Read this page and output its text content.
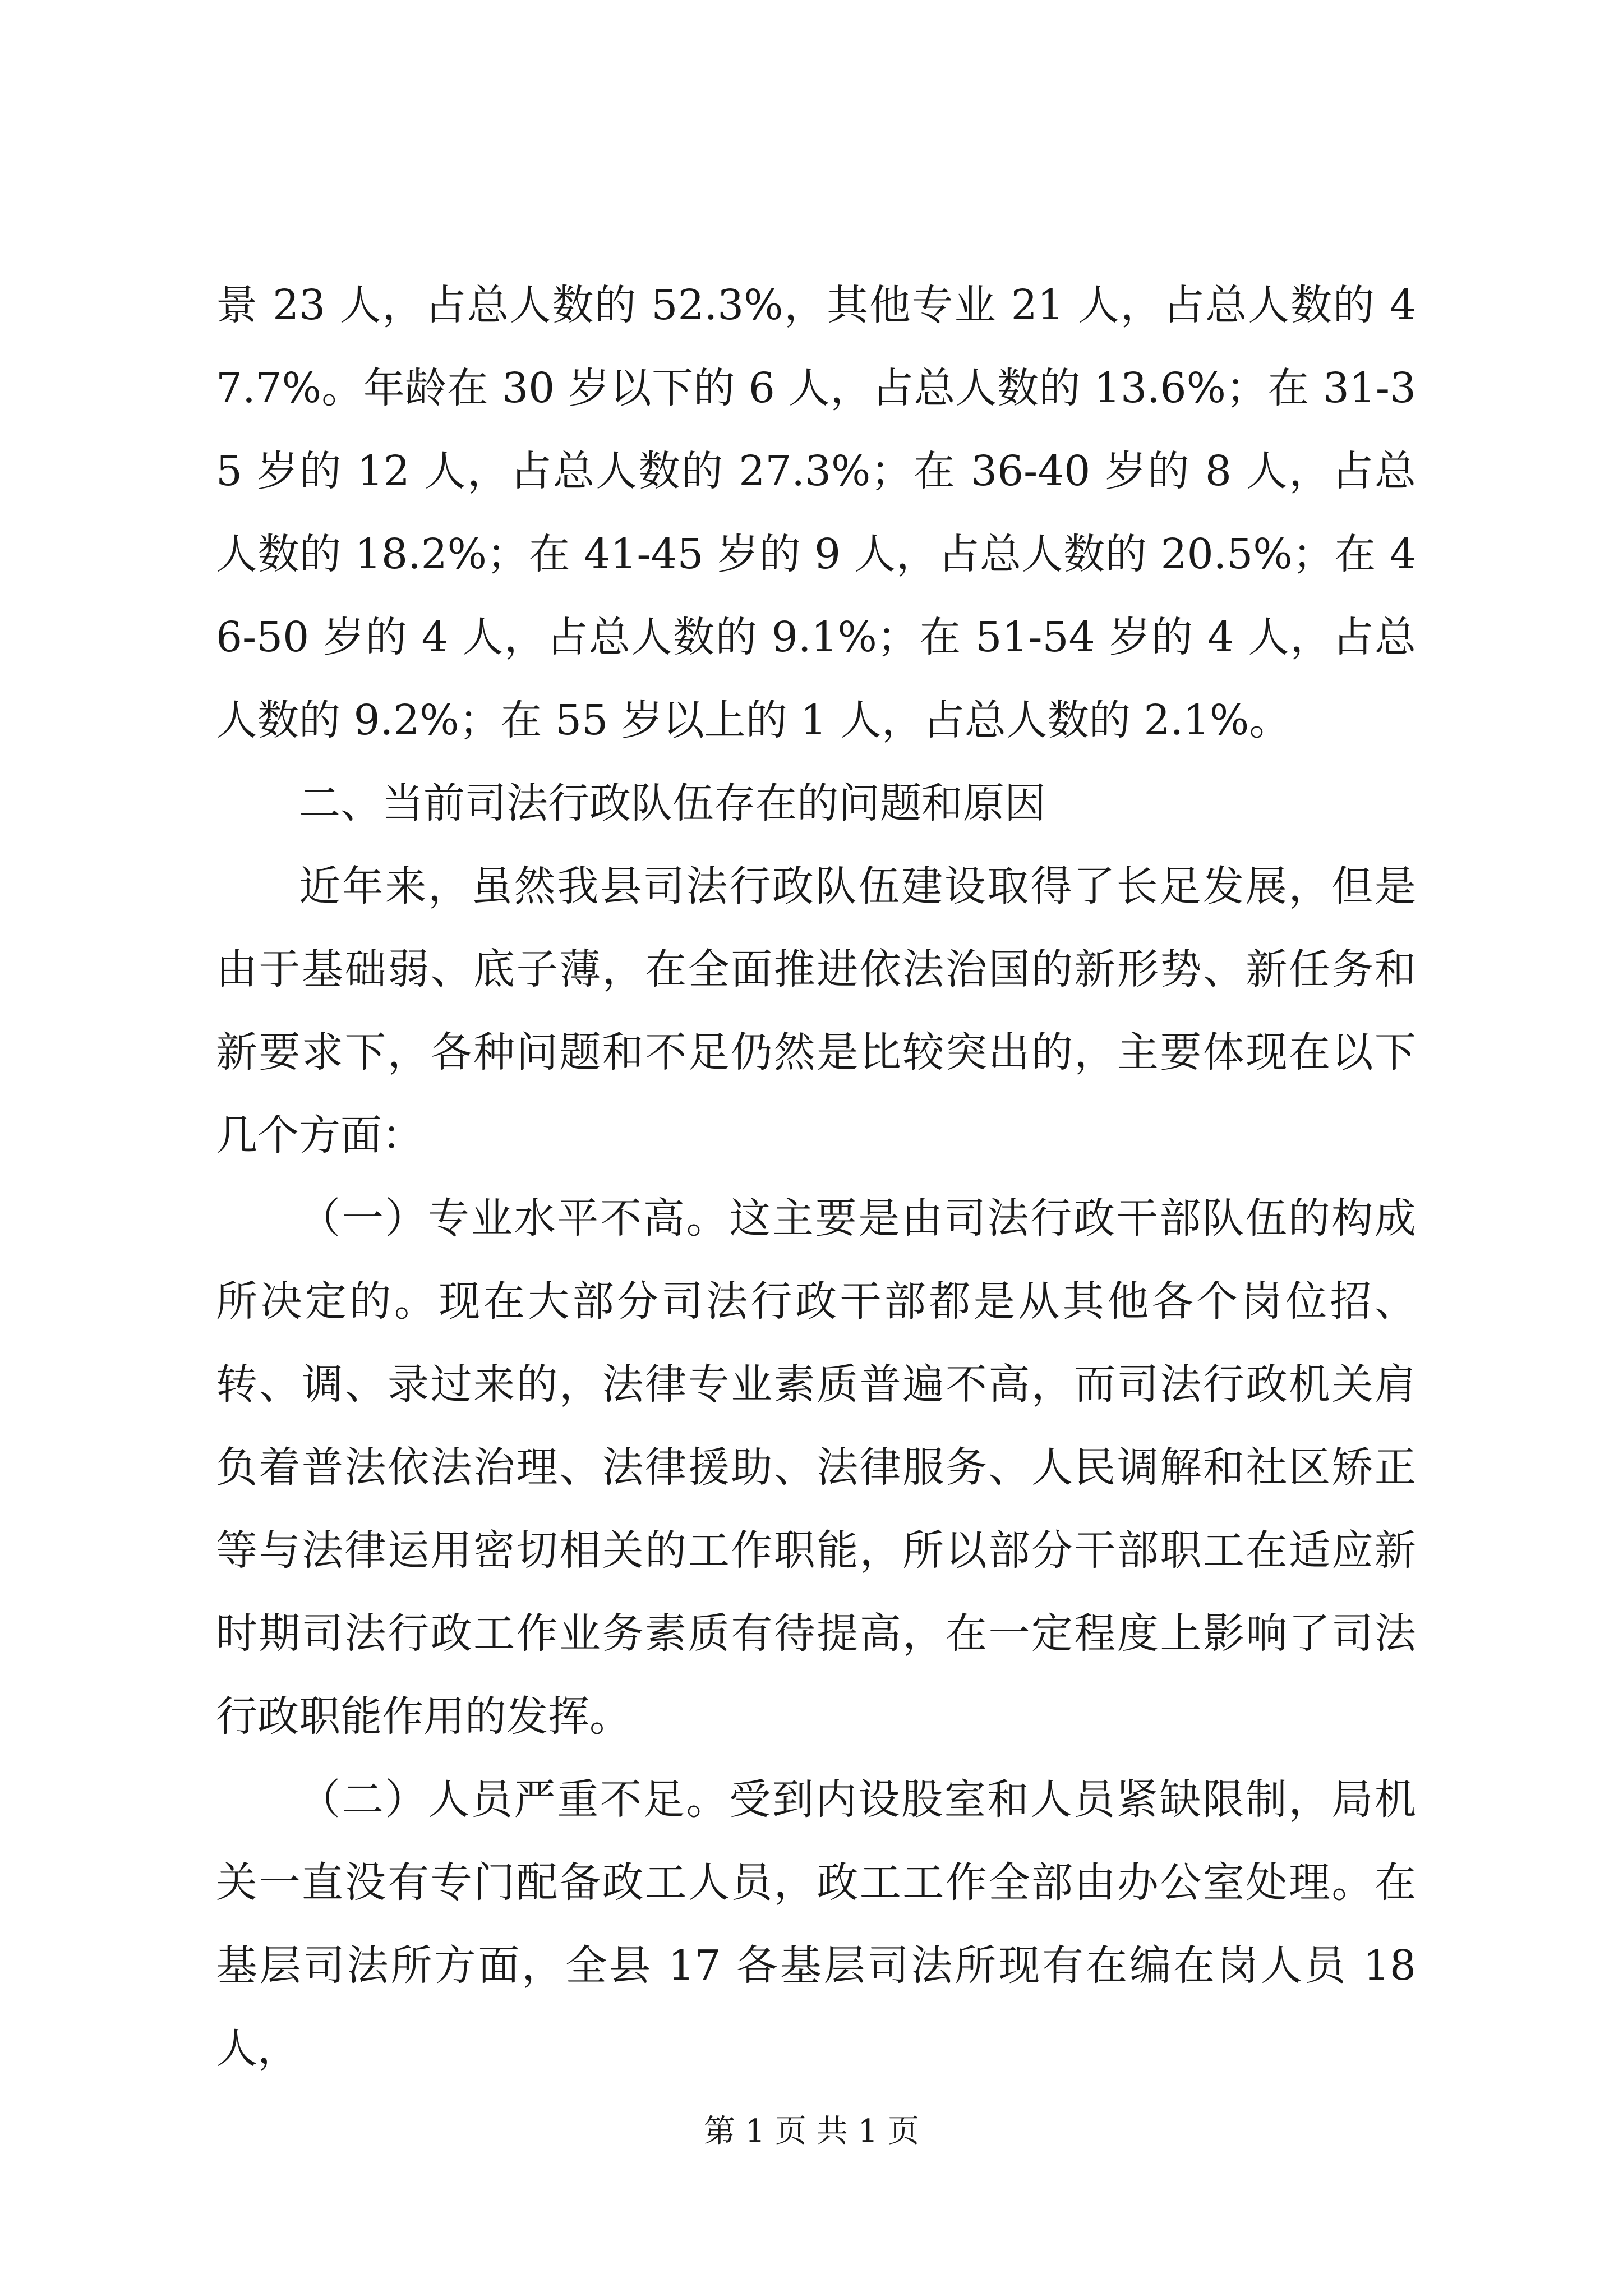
景 23 人，占总人数的 52.3%，其他专业 21 人，占总人数的 47.7%。年龄在 30 岁以下的 6 人，占总人数的 13.6%；在 31-35 岁的 12 人，占总人数的 27.3%；在 36-40 岁的 8 人，占总人数的 18.2%；在 41-45 岁的 9 人，占总人数的 20.5%；在 46-50 岁的 4 人，占总人数的 9.1%；在 51-54 岁的 4 人，占总人数的 9.2%；在 55 岁以上的 1 人，占总人数的 2.1%。

二、当前司法行政队伍存在的问题和原因

近年来，虽然我县司法行政队伍建设取得了长足发展，但是由于基础弱、底子薄，在全面推进依法治国的新形势、新任务和新要求下，各种问题和不足仍然是比较突出的，主要体现在以下几个方面：

（一）专业水平不高。这主要是由司法行政干部队伍的构成所决定的。现在大部分司法行政干部都是从其他各个岗位招、转、调、录过来的，法律专业素质普遍不高，而司法行政机关肩负着普法依法治理、法律援助、法律服务、人民调解和社区矫正等与法律运用密切相关的工作职能，所以部分干部职工在适应新时期司法行政工作业务素质有待提高，在一定程度上影响了司法行政职能作用的发挥。

（二）人员严重不足。受到内设股室和人员紧缺限制，局机关一直没有专门配备政工人员，政工工作全部由办公室处理。在基层司法所方面，全县 17 各基层司法所现有在编在岗人员 18 人，

第 1 页 共 1 页
